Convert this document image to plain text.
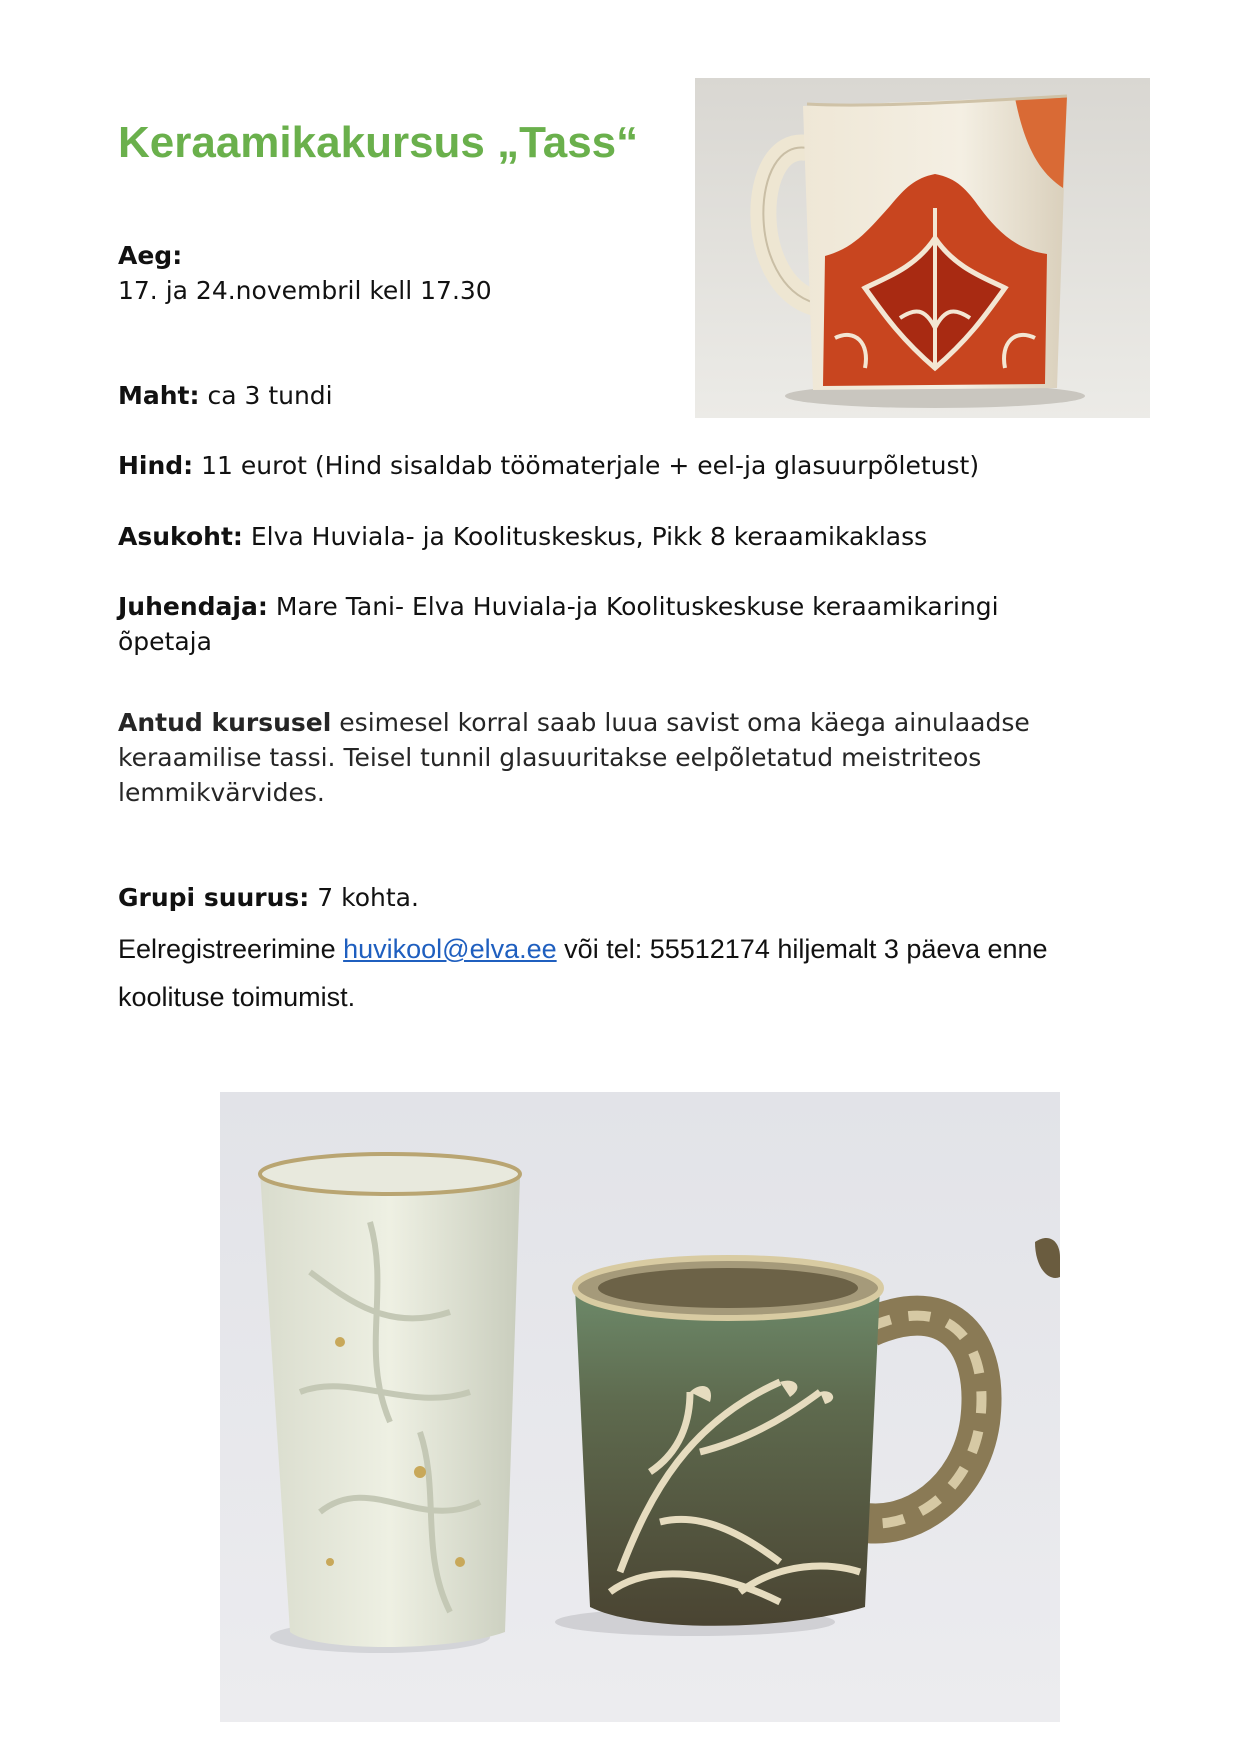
Keraamikakursus „Tass“
Aeg:
17. ja 24.novembril kell 17.30
Maht: ca 3 tundi
Hind: 11 eurot (Hind sisaldab töömaterjale + eel-ja glasuurpõletust)
Asukoht: Elva Huviala- ja Koolituskeskus, Pikk 8 keraamikaklass
Juhendaja: Mare Tani- Elva Huviala-ja Koolituskeskuse keraamikaringi õpetaja
Antud kursusel esimesel korral saab luua savist oma käega ainulaadse keraamilise tassi. Teisel tunnil glasuuritakse eelpõletatud meistriteos lemmikvärvides.
Grupi suurus: 7 kohta.
Eelregistreerimine huvikool@elva.ee või tel: 55512174 hiljemalt 3 päeva enne koolituse toimumist.
